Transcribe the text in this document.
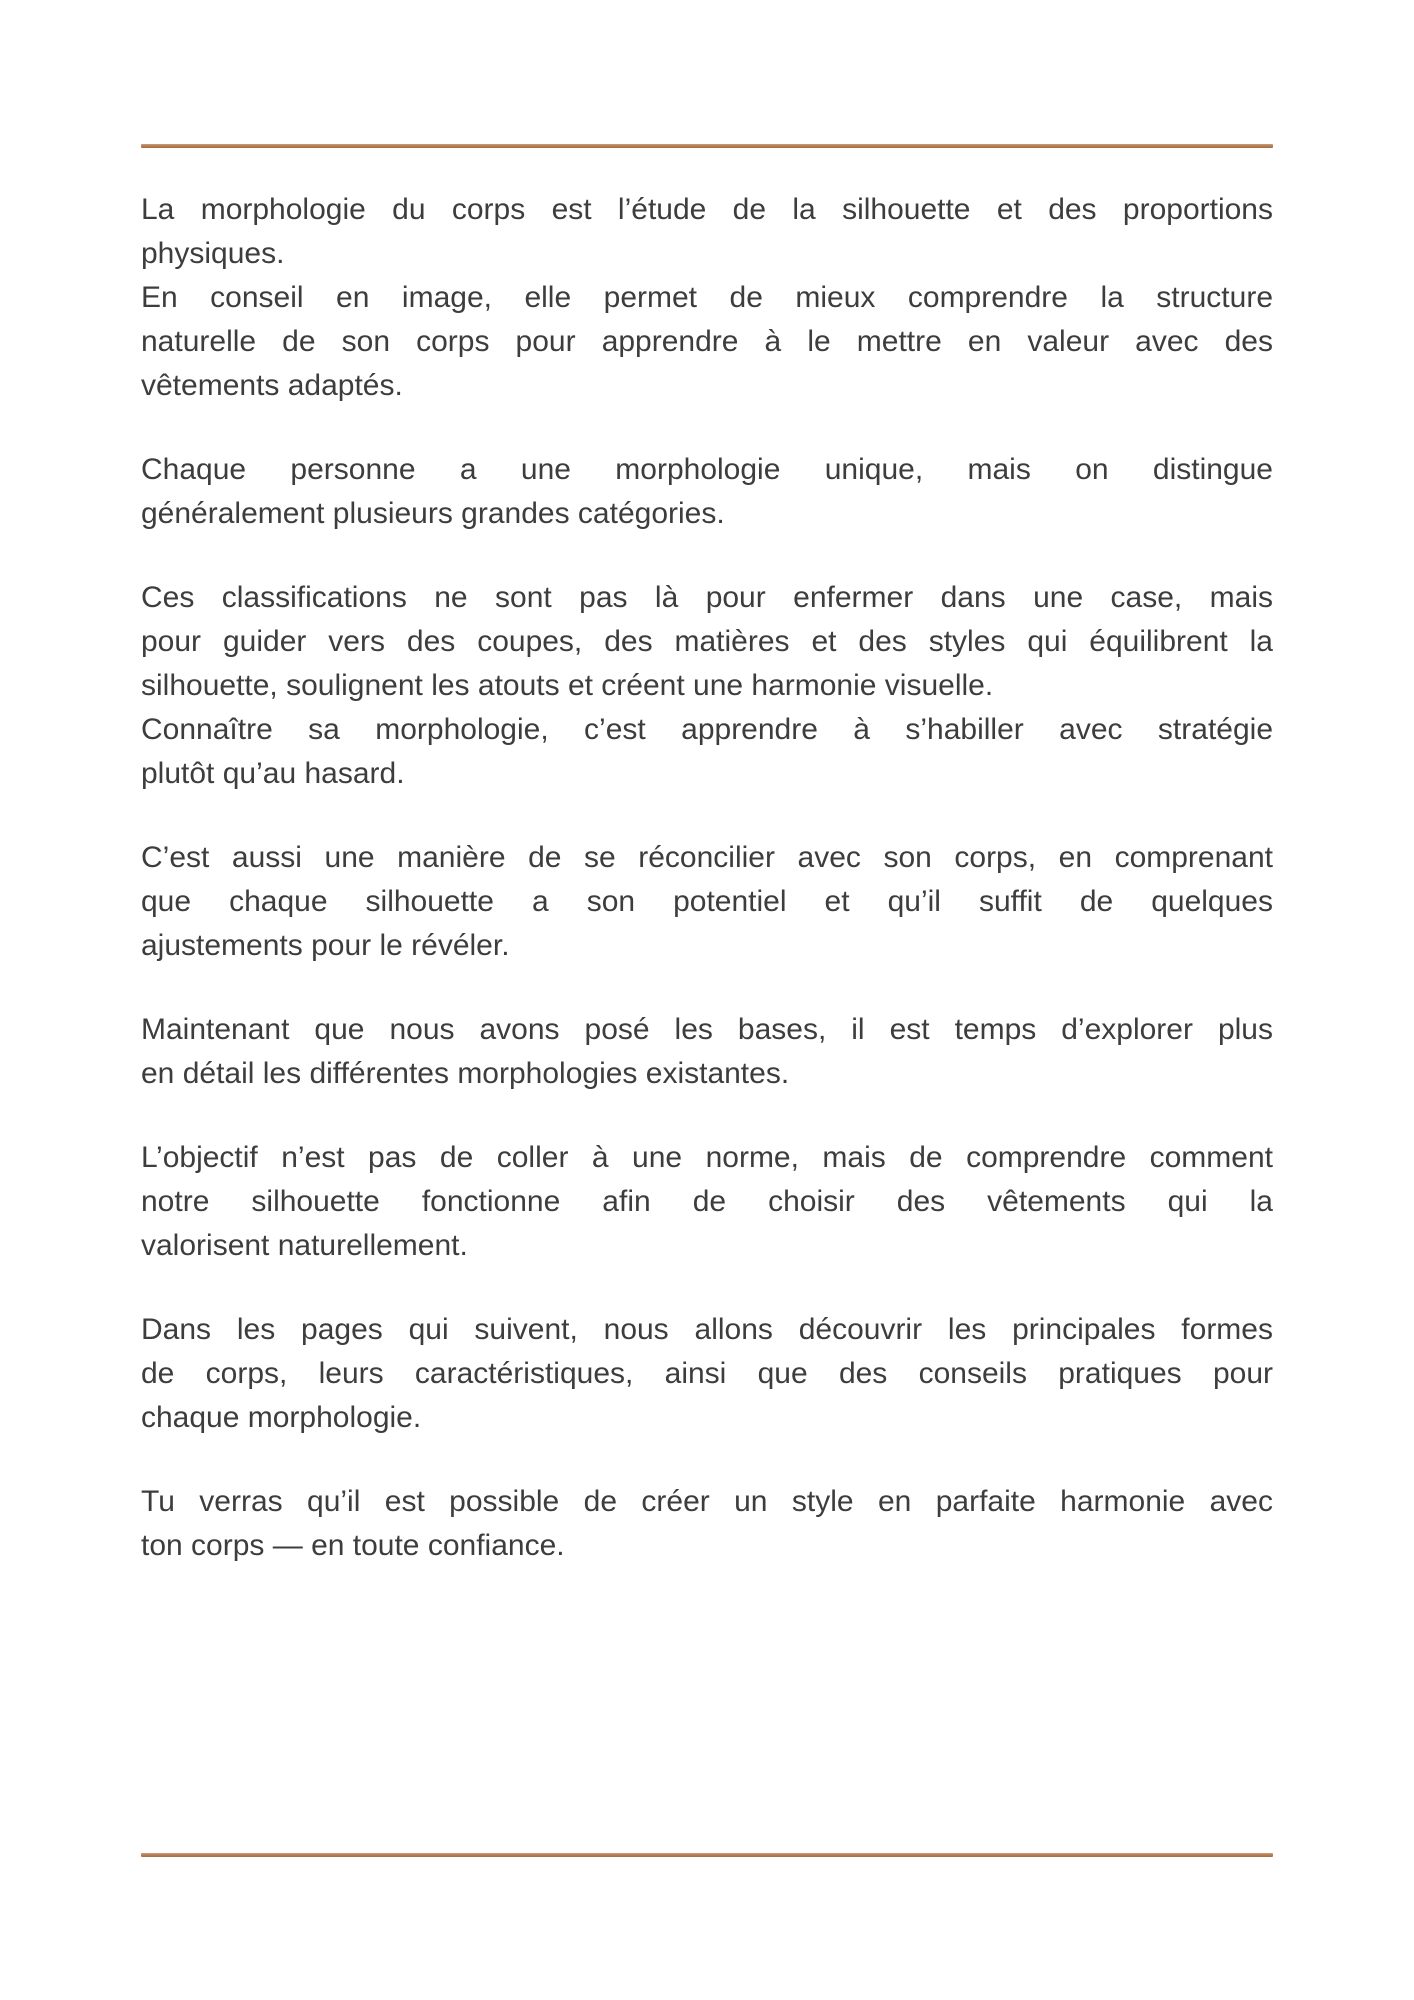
La morphologie du corps est l’étude de la silhouette et des proportions
physiques.
En conseil en image, elle permet de mieux comprendre la structure
naturelle de son corps pour apprendre à le mettre en valeur avec des
vêtements adaptés.
Chaque personne a une morphologie unique, mais on distingue
généralement plusieurs grandes catégories.
Ces classifications ne sont pas là pour enfermer dans une case, mais
pour guider vers des coupes, des matières et des styles qui équilibrent la
silhouette, soulignent les atouts et créent une harmonie visuelle.
Connaître sa morphologie, c’est apprendre à s’habiller avec stratégie
plutôt qu’au hasard.
C’est aussi une manière de se réconcilier avec son corps, en comprenant
que chaque silhouette a son potentiel et qu’il suffit de quelques
ajustements pour le révéler.
Maintenant que nous avons posé les bases, il est temps d’explorer plus
en détail les différentes morphologies existantes.
L’objectif n’est pas de coller à une norme, mais de comprendre comment
notre silhouette fonctionne afin de choisir des vêtements qui la
valorisent naturellement.
Dans les pages qui suivent, nous allons découvrir les principales formes
de corps, leurs caractéristiques, ainsi que des conseils pratiques pour
chaque morphologie.
Tu verras qu’il est possible de créer un style en parfaite harmonie avec
ton corps — en toute confiance.
